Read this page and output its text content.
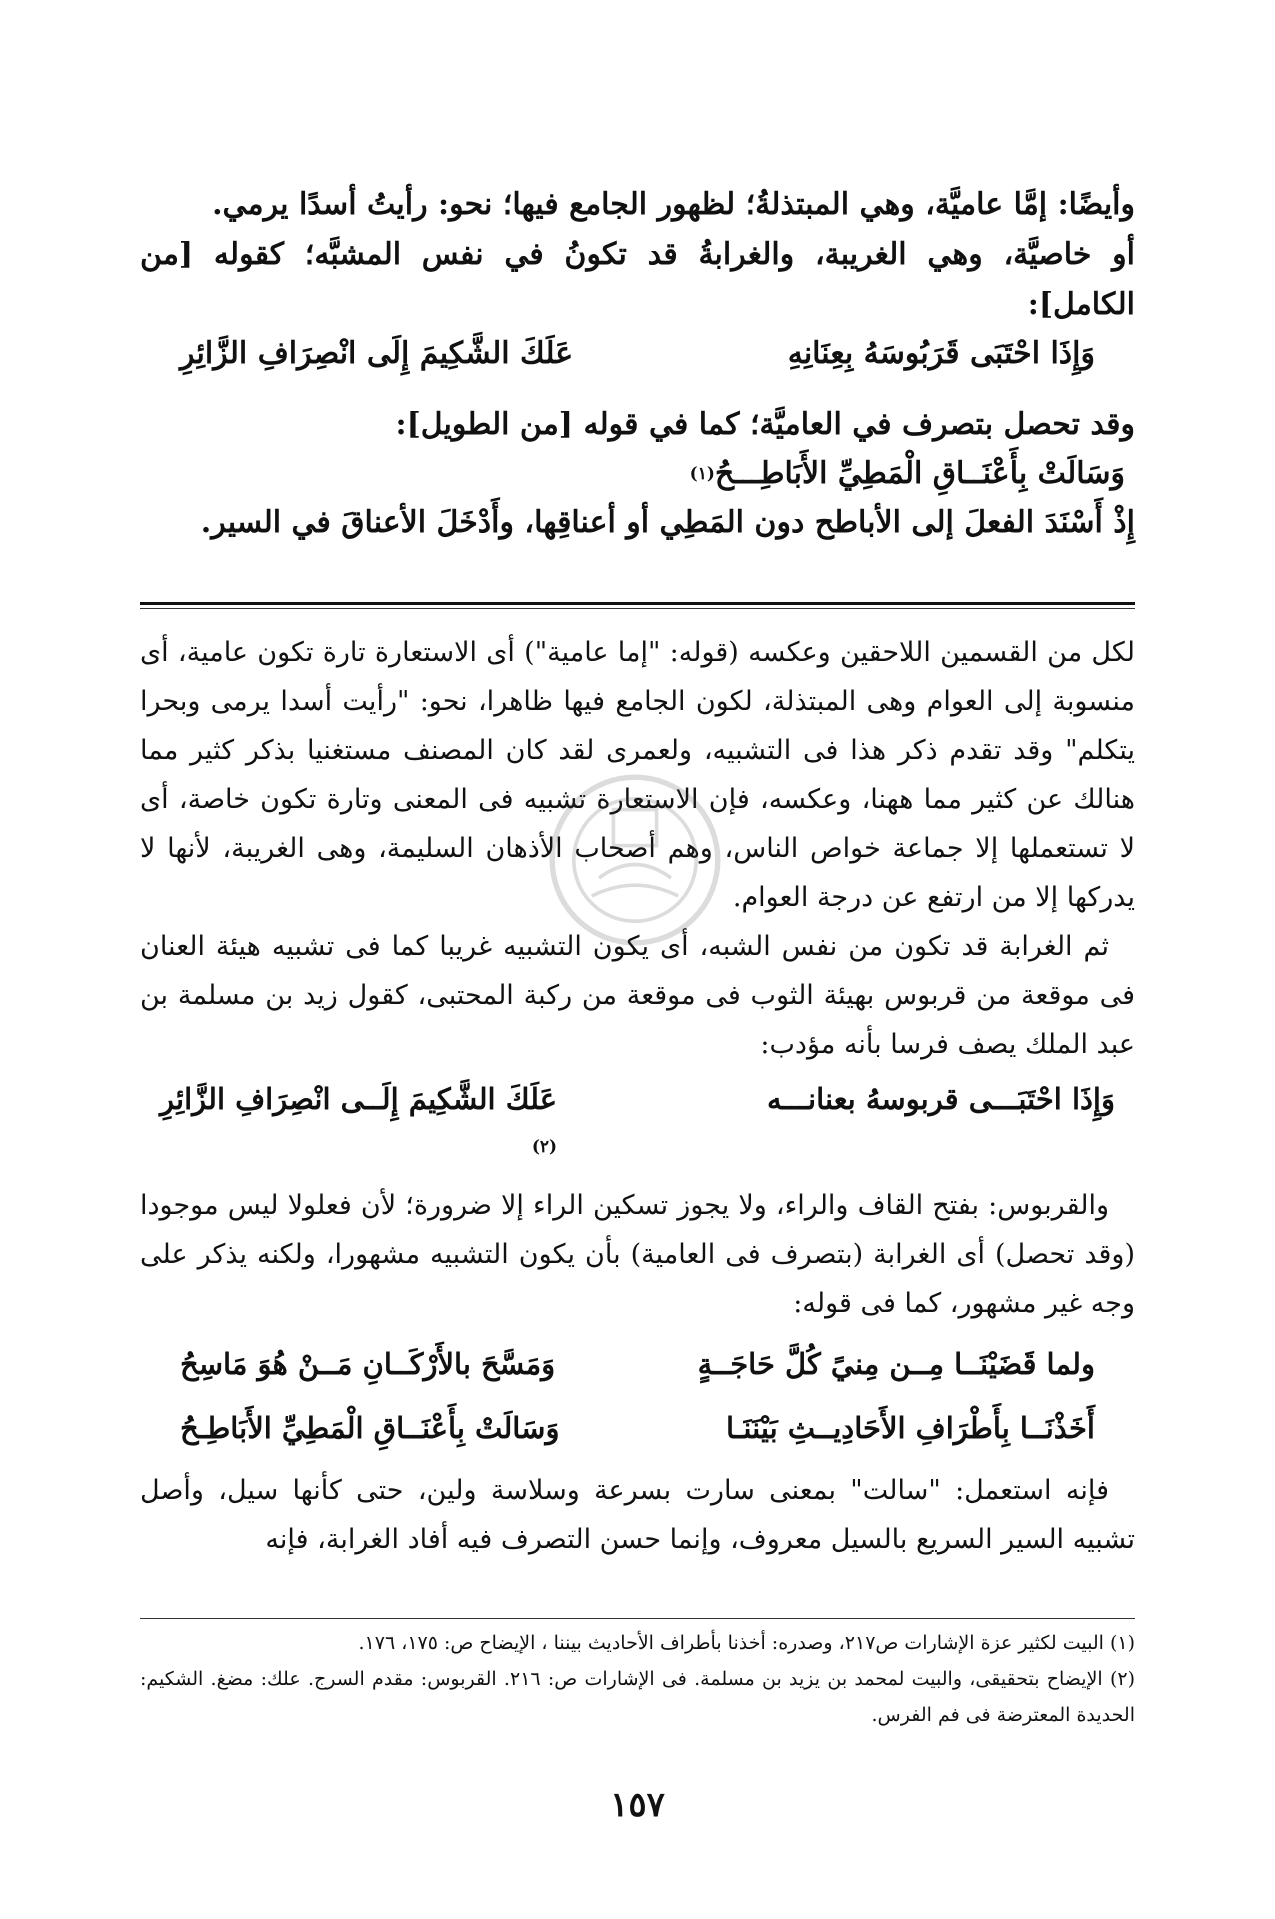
وأيضًا: إمَّا عاميَّة، وهي المبتذلةُ؛ لظهور الجامع فيها؛ نحو: رأيتُ أسدًا يرمي.

أو خاصيَّة، وهي الغريبة، والغرابةُ قد تكونُ في نفس المشبَّه؛ كقوله [من الكامل]:

وَإِذَا احْتَبَى قَرَبُوسَهُ بِعِنَانِهِ
عَلَكَ الشَّكِيمَ إِلَى انْصِرَافِ الزَّائِرِ

وقد تحصل بتصرف في العاميَّة؛ كما في قوله [من الطويل]:

وَسَالَتْ بِأَعْنَــاقِ الْمَطِيِّ الأَبَاطِـــحُ
(١)

إِذْ أَسْنَدَ الفعلَ إلى الأباطح دون المَطِي أو أعناقِها، وأَدْخَلَ الأعناقَ في السير.

لكل من القسمين اللاحقين وعكسه (قوله: "إما عامية") أى الاستعارة تارة تكون عامية، أى منسوبة إلى العوام وهى المبتذلة، لكون الجامع فيها ظاهرا، نحو: "رأيت أسدا يرمى وبحرا يتكلم" وقد تقدم ذكر هذا فى التشبيه، ولعمرى لقد كان المصنف مستغنيا بذكر كثير مما هنالك عن كثير مما ههنا، وعكسه، فإن الاستعارة تشبيه فى المعنى وتارة تكون خاصة، أى لا تستعملها إلا جماعة خواص الناس، وهم أصحاب الأذهان السليمة، وهى الغريبة، لأنها لا يدركها إلا من ارتفع عن درجة العوام.

ثم الغرابة قد تكون من نفس الشبه، أى يكون التشبيه غريبا كما فى تشبيه هيئة العنان فى موقعة من قربوس بهيئة الثوب فى موقعة من ركبة المحتبى، كقول زيد بن مسلمة بن عبد الملك يصف فرسا بأنه مؤدب:

وَإِذَا احْتَبَـــى قربوسهُ بعنانـــه
عَلَكَ الشَّكِيمَ إِلَــى انْصِرَافِ الزَّائِرِ
(٢)

والقربوس: بفتح القاف والراء، ولا يجوز تسكين الراء إلا ضرورة؛ لأن فعلولا ليس موجودا (وقد تحصل) أى الغرابة (بتصرف فى العامية) بأن يكون التشبيه مشهورا، ولكنه يذكر على وجه غير مشهور، كما فى قوله:

ولما قَضَيْنَــا مِــن مِنيً كُلَّ حَاجَــةٍ
وَمَسَّحَ بالأَرْكَــانِ مَــنْ هُوَ مَاسِحُ
أَخَذْنَــا بِأَطْرَافِ الأَحَادِيــثِ بَيْنَنَـا
وَسَالَتْ بِأَعْنَــاقِ الْمَطِيِّ الأَبَاطِـحُ

فإنه استعمل: "سالت" بمعنى سارت بسرعة وسلاسة ولين، حتى كأنها سيل، وأصل تشبيه السير السريع بالسيل معروف، وإنما حسن التصرف فيه أفاد الغرابة، فإنه

(١) البيت لكثير عزة الإشارات ص٢١٧، وصدره: أخذنا بأطراف الأحاديث بيننا ، الإيضاح ص: ١٧٥، ١٧٦.

(٢) الإيضاح بتحقيقى، والبيت لمحمد بن يزيد بن مسلمة. فى الإشارات ص: ٢١٦. القربوس: مقدم السرج. علك: مضغ. الشكيم: الحديدة المعترضة فى فم الفرس.

١٥٧
